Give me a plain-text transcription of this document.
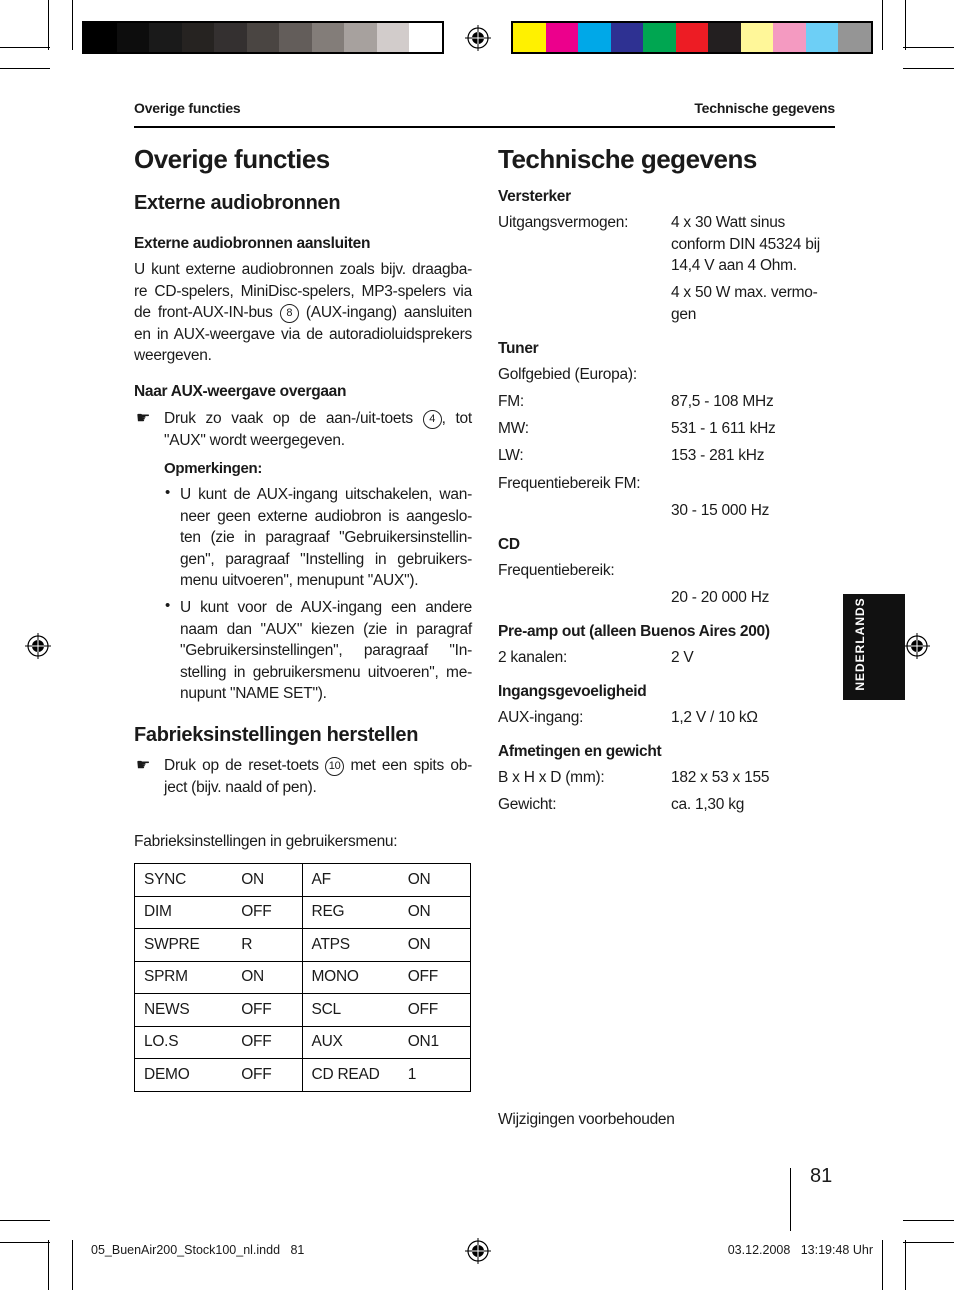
Overige functies	Technische gegevens
Overige functies
Externe audiobronnen
Externe audiobronnen aansluiten
U kunt externe audiobronnen zoals bijv. draagba-re CD-spelers, MiniDisc-spelers, MP3-spelers via de front-AUX-IN-bus 8 (AUX-ingang) aansluiten en in AUX-weergave via de autoradioluidsprekers weergeven.
Naar AUX-weergave overgaan
☛ Druk zo vaak op de aan-/uit-toets 4 , tot "AUX" wordt weergegeven.
Opmerkingen:
• U kunt de AUX-ingang uitschakelen, wan-neer geen externe audiobron is aangeslo-ten (zie in paragraaf "Gebruikersinstellin-gen", paragraaf "Instelling in gebruikers-menu uitvoeren", menupunt "AUX").
• U kunt voor de AUX-ingang een andere naam dan "AUX" kiezen (zie in paragraf "Gebruikersinstellingen", paragraaf "In-stelling in gebruikersmenu uitvoeren", me-nupunt "NAME SET").
Fabrieksinstellingen herstellen
☛ Druk op de reset-toets 10 met een spits ob-ject (bijv. naald of pen).
Fabrieksinstellingen in gebruikersmenu:
SYNC	ON	AF	ON
DIM	OFF	REG	ON
SWPRE	R	ATPS	ON
SPRM	ON	MONO	OFF
NEWS	OFF	SCL	OFF
LO.S	OFF	AUX	ON1
DEMO	OFF	CD READ	1
Technische gegevens
Versterker
Uitgangsvermogen:	4 x 30 Watt sinus conform DIN 45324 bij 14,4 V aan 4 Ohm.
4 x 50 W max. vermo-gen
Tuner
Golfgebied (Europa):
FM:	87,5 - 108 MHz
MW:	531 - 1 611 kHz
LW:	153 - 281 kHz
Frequentiebereik FM:
30 - 15 000 Hz
CD
Frequentiebereik:
20 - 20 000 Hz
Pre-amp out (alleen Buenos Aires 200)
2 kanalen:	2 V
Ingangsgevoeligheid
AUX-ingang:	1,2 V / 10 kΩ
Afmetingen en gewicht
B x H x D (mm):	182 x 53 x 155
Gewicht:	ca. 1,30 kg
Wijzigingen voorbehouden
NEDERLANDS
81
05_BuenAir200_Stock100_nl.indd   81	03.12.2008   13:19:48 Uhr
